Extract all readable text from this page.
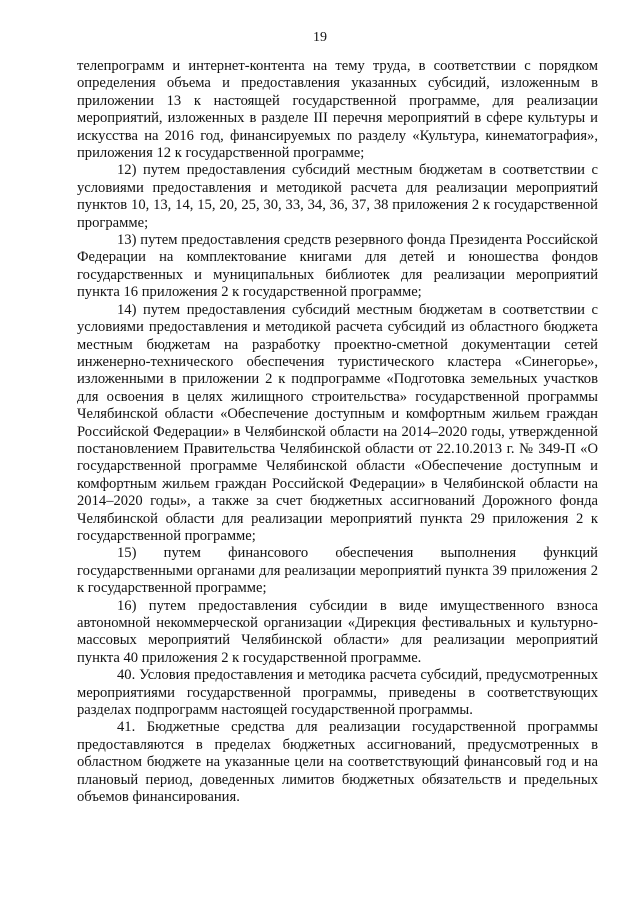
19

телепрограмм и интернет-контента на тему труда, в соответствии с порядком определения объема и предоставления указанных субсидий, изложенным в приложении 13 к настоящей государственной программе, для реализации мероприятий, изложенных в разделе III перечня мероприятий в сфере культуры и искусства на 2016 год, финансируемых по разделу «Культура, кинематография», приложения 12 к государственной программе;

12) путем предоставления субсидий местным бюджетам в соответствии с условиями предоставления и методикой расчета для реализации мероприятий пунктов 10, 13, 14, 15, 20, 25, 30, 33, 34, 36, 37, 38 приложения 2 к государственной программе;

13) путем предоставления средств резервного фонда Президента Российской Федерации на комплектование книгами для детей и юношества фондов государственных и муниципальных библиотек для реализации мероприятий пункта 16 приложения 2 к государственной программе;

14) путем предоставления субсидий местным бюджетам в соответствии с условиями предоставления и методикой расчета субсидий из областного бюджета местным бюджетам на разработку проектно-сметной документации сетей инженерно-технического обеспечения туристического кластера «Синегорье», изложенными в приложении 2 к подпрограмме «Подготовка земельных участков для освоения в целях жилищного строительства» государственной программы Челябинской области «Обеспечение доступным и комфортным жильем граждан Российской Федерации» в Челябинской области на 2014–2020 годы, утвержденной постановлением Правительства Челябинской области от 22.10.2013 г. № 349-П «О государственной программе Челябинской области «Обеспечение доступным и комфортным жильем граждан Российской Федерации» в Челябинской области на 2014–2020 годы», а также за счет бюджетных ассигнований Дорожного фонда Челябинской области для реализации мероприятий пункта 29 приложения 2 к государственной программе;

15) путем финансового обеспечения выполнения функций государственными органами для реализации мероприятий пункта 39 приложения 2 к государственной программе;

16) путем предоставления субсидии в виде имущественного взноса автономной некоммерческой организации «Дирекция фестивальных и культурно-массовых мероприятий Челябинской области» для реализации мероприятий пункта 40 приложения 2 к государственной программе.

40. Условия предоставления и методика расчета субсидий, предусмотренных мероприятиями государственной программы, приведены в соответствующих разделах подпрограмм настоящей государственной программы.

41. Бюджетные средства для реализации государственной программы предоставляются в пределах бюджетных ассигнований, предусмотренных в областном бюджете на указанные цели на соответствующий финансовый год и на плановый период, доведенных лимитов бюджетных обязательств и предельных объемов финансирования.
